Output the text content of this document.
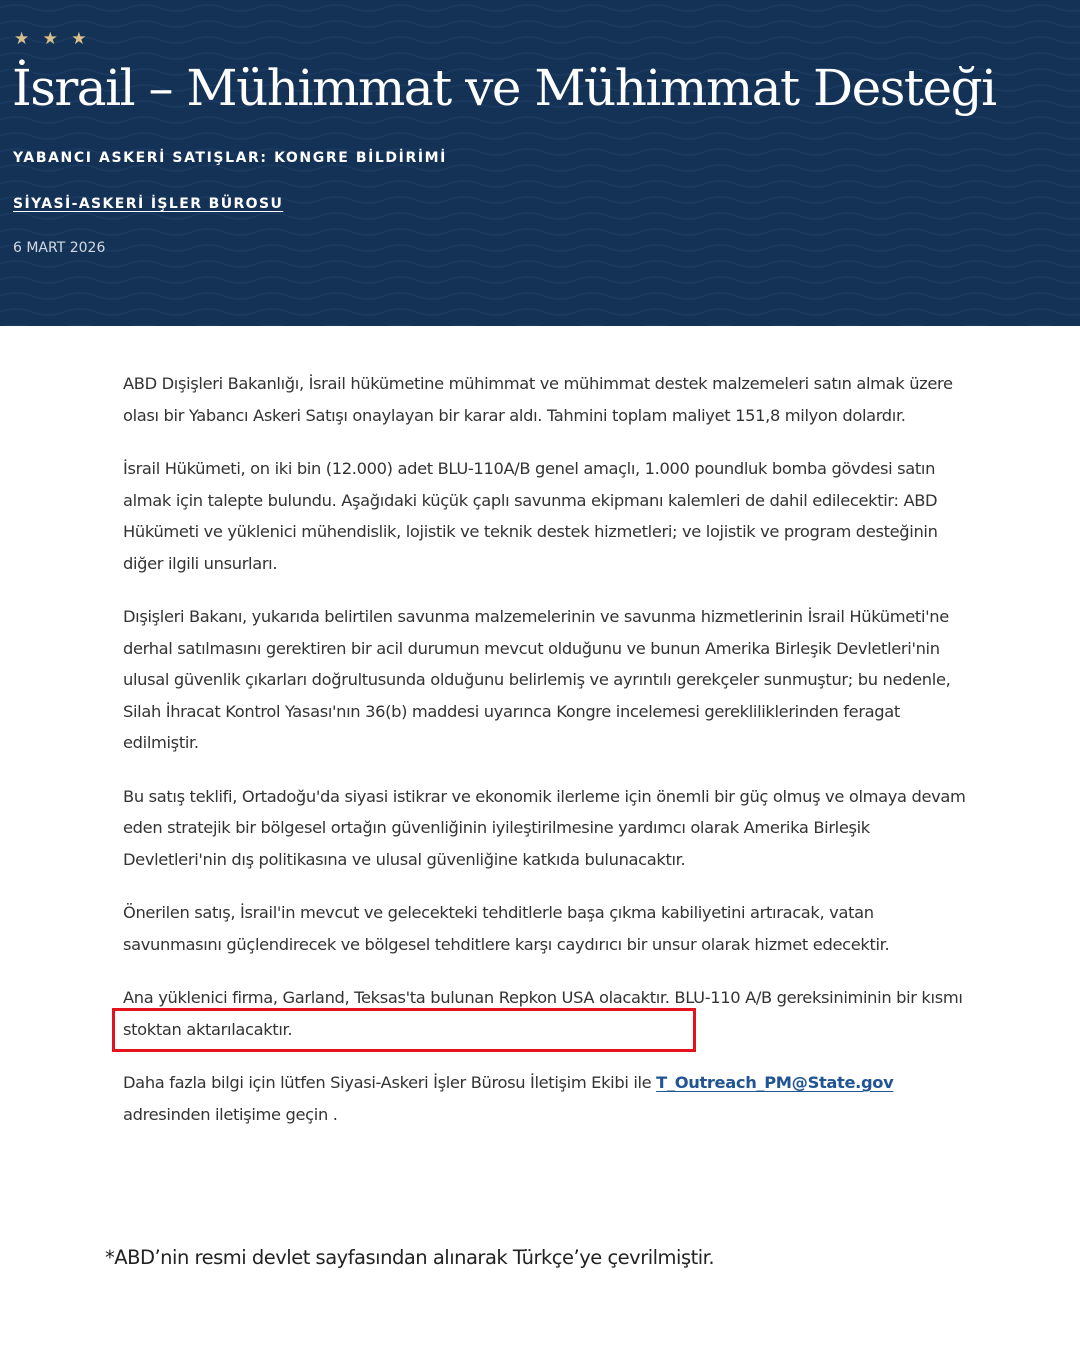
★ ★ ★
İsrail – Mühimmat ve Mühimmat Desteği
YABANCI ASKERİ SATIŞLAR: KONGRE BİLDİRİMİ
SİYASİ-ASKERİ İŞLER BÜROSU
6 MART 2026

ABD Dışişleri Bakanlığı, İsrail hükümetine mühimmat ve mühimmat destek malzemeleri satın almak üzere olası bir Yabancı Askeri Satışı onaylayan bir karar aldı. Tahmini toplam maliyet 151,8 milyon dolardır.

İsrail Hükümeti, on iki bin (12.000) adet BLU-110A/B genel amaçlı, 1.000 poundluk bomba gövdesi satın almak için talepte bulundu. Aşağıdaki küçük çaplı savunma ekipmanı kalemleri de dahil edilecektir: ABD Hükümeti ve yüklenici mühendislik, lojistik ve teknik destek hizmetleri; ve lojistik ve program desteğinin diğer ilgili unsurları.

Dışişleri Bakanı, yukarıda belirtilen savunma malzemelerinin ve savunma hizmetlerinin İsrail Hükümeti'ne derhal satılmasını gerektiren bir acil durumun mevcut olduğunu ve bunun Amerika Birleşik Devletleri'nin ulusal güvenlik çıkarları doğrultusunda olduğunu belirlemiş ve ayrıntılı gerekçeler sunmuştur; bu nedenle, Silah İhracat Kontrol Yasası'nın 36(b) maddesi uyarınca Kongre incelemesi gerekliliklerinden feragat edilmiştir.

Bu satış teklifi, Ortadoğu'da siyasi istikrar ve ekonomik ilerleme için önemli bir güç olmuş ve olmaya devam eden stratejik bir bölgesel ortağın güvenliğinin iyileştirilmesine yardımcı olarak Amerika Birleşik Devletleri'nin dış politikasına ve ulusal güvenliğine katkıda bulunacaktır.

Önerilen satış, İsrail'in mevcut ve gelecekteki tehditlerle başa çıkma kabiliyetini artıracak, vatan savunmasını güçlendirecek ve bölgesel tehditlere karşı caydırıcı bir unsur olarak hizmet edecektir.

Ana yüklenici firma, Garland, Teksas'ta bulunan Repkon USA olacaktır. BLU-110 A/B gereksiniminin bir kısmı stoktan aktarılacaktır.

Daha fazla bilgi için lütfen Siyasi-Askeri İşler Bürosu İletişim Ekibi ile T_Outreach_PM@State.gov adresinden iletişime geçin .

*ABD’nin resmi devlet sayfasından alınarak Türkçe’ye çevrilmiştir.
